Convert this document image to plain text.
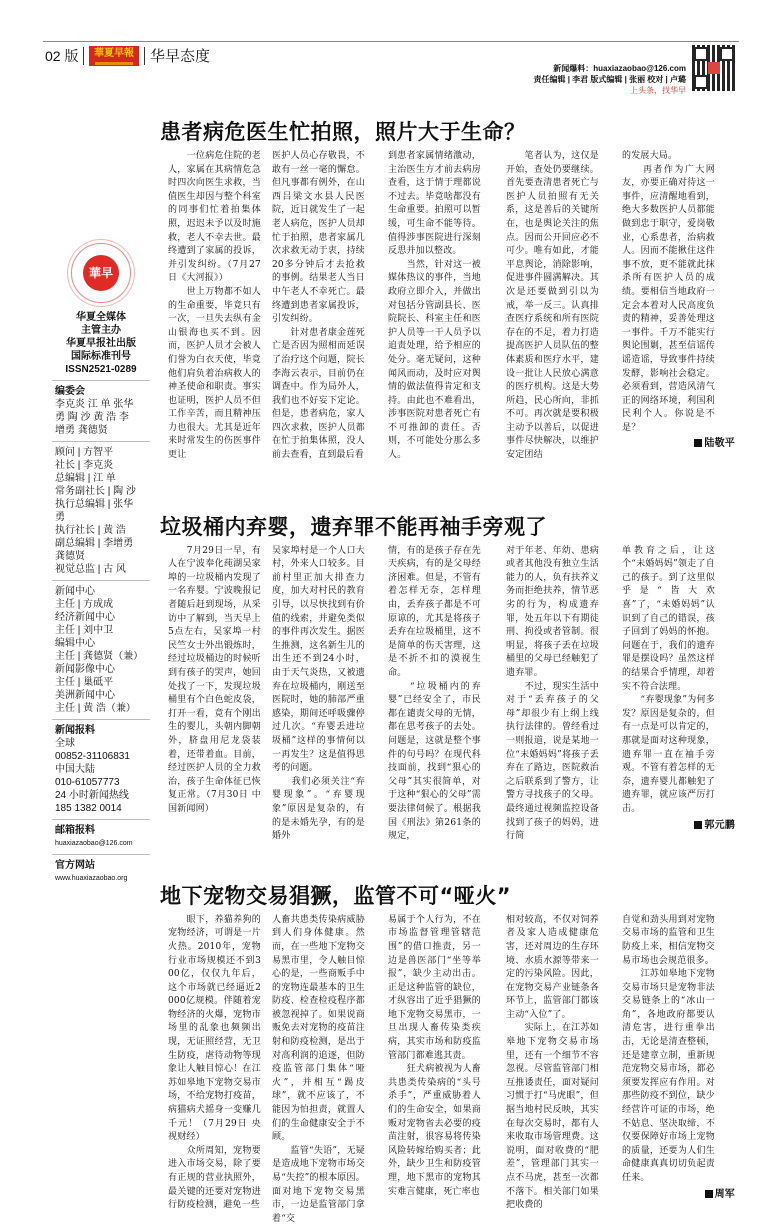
02 版	華夏早報	华早态度
新闻爆料：huaxiazaobao@126.com
责任编辑 | 李君 版式编辑 | 张丽 校对 | 卢璐
上头条，找华早
華早
华夏全媒体
主管主办
华夏早报社出版
国际标准刊号
ISSN2521-0289
编委会
李克炎 江 单 张华
勇 陶 沙 黄 浩 李
增勇 龚德贤
顾问 | 方智平
社长 | 李克炎
总编辑 | 江 单
常务副社长 | 陶 沙
执行总编辑 | 张华
勇
执行社长 | 黄 浩
副总编辑 | 李增勇
龚德贤
视觉总监 | 古 风
新闻中心
主任 | 方成成
经济新闻中心
主任 | 刘中卫
编辑中心
主任 | 龚德贤（兼）
新闻影像中心
主任 | 巢砥平
美洲新闻中心
主任 | 黄 浩（兼）
新闻报料
全球
00852-31106831
中国大陆
010-61057773
24 小时新闻热线
185 1382 0014
邮箱报料
huaxiazaobao@126.com
官方网站
www.huaxiazaobao.org
患者病危医生忙拍照，照片大于生命？

　　一位病危住院的老人，家属在其病情危急时四次向医生求救，当值医生却因与整个科室的同事们忙着拍集体照，迟迟未予以及时施救，老人不幸去世。最终遭到了家属的投诉，并引发纠纷。（7月27日《大河报》）

　　世上万物都不如人的生命重要，毕竟只有一次，一旦失去纵有金山银海也买不到。因而，医护人员才会被人们誉为白衣天使，毕竟他们肩负着治病救人的神圣使命和职责。事实也证明，医护人员不但工作辛苦，而且精神压力也很大。尤其是近年来时常发生的伤医事件更让

医护人员心存敬畏，不敢有一丝一毫的懈怠。但凡事都有例外，在山西吕梁文水县人民医院，近日就发生了一起老人病危，医护人员却忙于拍照，患者家属几次求救无动于衷，持续20多分钟后才去抢救的事例。结果老人当日中午老人不幸死亡。最终遭到患者家属投诉，引发纠纷。

　　针对患者康金莲死亡是否因为照相而延误了治疗这个问题，院长李海云表示，目前仍在调查中。作为局外人，我们也不好妄下定论。但是，患者病危，家人四次求救，医护人员都在忙于拍集体照，没人前去查看，直到最后看

到患者家属情绪激动，主治医生方才前去病房查看，这于情于理都说不过去。毕竟啥都没有生命重要。拍照可以暂缓，可生命不能等待。值得涉事医院进行深刻反思并加以整改。

　　当然，针对这一被媒体热议的事件，当地政府立即介入，并做出对包括分管副县长、医院院长、科室主任和医护人员等一干人员予以追责处理，给予相应的处分。毫无疑问，这种闻风而动，及时应对舆情的做法值得肯定和支持。由此也不难看出，涉事医院对患者死亡有不可推卸的责任。否则，不可能处分那么多人。

　　笔者认为，这仅是开始，查处仍要继续。首先要查清患者死亡与医护人员拍照有无关系，这是善后的关键所在，也是舆论关注的焦点。因而公开回应必不可少。唯有如此，才能平息舆论，消除影响，促进事件圆满解决。其次是还要做到引以为戒，举一反三。认真排查医疗系统和所有医院存在的不足，着力打造提高医护人员队伍的整体素质和医疗水平，建设一批让人民放心满意的医疗机构。这是大势所趋，民心所向，非抓不可。再次就是要积极主动予以善后，以促进事件尽快解决，以维护安定团结

的发展大局。

　　再者作为广大网友，亦要正确对待这一事件，应清醒地看到，绝大多数医护人员都能做到忠于职守，爱岗敬业，心系患者，治病救人。因而不能揪住这件事不放，更不能就此抹杀所有医护人员的成绩。要相信当地政府一定会本着对人民高度负责的精神，妥善处理这一事件。千万不能实行舆论围剿，甚至信谣传谣造谣，导致事件持续发酵，影响社会稳定。必须看到，营造风清气正的网络环境，利国利民利个人。你说是不是？

陆敬平
垃圾桶内弃婴，遗弃罪不能再袖手旁观了

　　7月29日一早，有人在宁波奉化莼湖吴家埠的一垃圾桶内发现了一名弃婴。宁波晚报记者随后赶到现场，从采访中了解到，当天早上5点左右，吴家埠一村民竺女士外出锻炼时，经过垃圾桶边的时候听到有孩子的哭声，她回处找了一下，发现垃圾桶里有个白色蛇皮袋，打开一看，竟有个刚出生的婴儿，头朝内脚朝外，脐盘用尼龙袋装着，还带着血。目前，经过医护人员的全力救治，孩子生命体征已恢复正常。（7月30日 中国新闻网）

吴家埠村是一个人口大村，外来人口较多。目前村里正加大排查力度，加大对村民的教育引导，以尽快找到有价值的线索，并避免类似的事件再次发生。据医生推测，这名新生儿的出生还不到24小时，由于天气炎热，又被遗弃在垃圾桶内，刚送至医院时，她的肺部严重感染，期间还呼吸骤停过几次。“弃婴丢进垃圾桶”这样的事情何以一再发生？这是值得思考的问题。

　　我们必须关注“弃婴现象”。“弃婴现象”原因是复杂的，有的是未婚先孕，有的是婚外

情，有的是孩子存在先天疾病，有的是父母经济困难。但是，不管有着怎样无奈，怎样理由，丢弃孩子都是不可原谅的，尤其是将孩子丢弃在垃圾桶里，这不是简单的伤天害理，这是不折不扣的漠视生命。

　　“垃圾桶内的弃婴”已经安全了，市民都在谴责父母的无情，都在思考孩子的去处。问题是，这就是整个事件的句号吗？在现代科技面前，找到“狠心的父母”其实很简单，对于这种“狠心的父母”需要法律伺候了。根据我国《刑法》第261条的规定，

对于年老、年幼、患病或者其他没有独立生活能力的人，负有扶养义务而拒绝扶养，情节恶劣的行为，构成遗弃罪，处五年以下有期徒刑、拘役或者管制。很明显，将孩子丢在垃圾桶里的父母已经触犯了遗弃罪。

　　不过，现实生活中对于“丢弃孩子的父母”却很少有上纲上线执行法律的。曾经看过一则报道，说是某地一位“未婚妈妈”将孩子丢弃在了路边，医院救治之后联系到了警方，让警方寻找孩子的父母。最终通过视频监控设备找到了孩子的妈妈，进行简

单教育之后，让这个“未婚妈妈”领走了自己的孩子。到了这里似乎是“皆大欢喜”了，“未婚妈妈”认识到了自己的错误，孩子回到了妈妈的怀抱。问题在于，我们的遗弃罪是摆设吗？虽然这样的结果合乎情理，却着实不符合法理。

　　“弃婴现象”为何多发？原因是复杂的，但有一点是可以肯定的，那就是面对这种现象，遗弃罪一直在袖手旁观。不管有着怎样的无奈，遗弃婴儿都触犯了遗弃罪，就应该严厉打击。

郭元鹏
地下宠物交易猖獗，监管不可“哑火”

　　眼下，养猫养狗的宠物经济，可谓是一片火热。2010年，宠物行业市场规模还不到300亿，仅仅九年后，这个市场就已经逼近2000亿规模。伴随着宠物经济的火爆，宠物市场里的乱象也频频出现，无证照经营，无卫生防疫，虐待动物等现象让人触目惊心！在江苏如皋地下宠物交易市场，不给宠物打疫苗，病猫病犬摇身一变赚几千元！（7月29日 央视财经）

　　众所周知，宠物要进入市场交易，除了要有正规的营业执照外，最关键的还要对宠物进行防疫检测，避免一些

人畜共患类传染病威胁到人们身体健康。然而，在一些地下宠物交易黑市里，令人触目惊心的是，一些商贩手中的宠物连最基本的卫生防疫、检查检疫程序都被忽视掉了。如果说商贩免去对宠物的疫苗注射和防疫检测，是出于对高利润的追逐，但防疫监管部门集体“哑火”，并相互“踢皮球”，就不应该了，不能因为怕担责，就置人们的生命健康安全于不顾。

　　监管“失语”，无疑是造成地下宠物市场交易“失控”的根本原因。面对地下宠物交易黑市，一边是监管部门拿着“交

易属于个人行为，不在市场监督管理管辖范围”的借口推责，另一边是兽医部门“坐等举报”，缺少主动出击。正是这种监管的缺位，才纵容出了近乎猖獗的地下宠物交易黑市，一旦出现人畜传染类疾病，其实市场和防疫监管部门都难逃其责。

　　狂犬病被视为人畜共患类传染病的“头号杀手”，严重威胁着人们的生命安全，如果商贩对宠物省去必要的疫苗注射，很容易将传染风险转嫁给购买者；此外，缺少卫生和防疫管理，地下黑市的宠物其实难言健康，死亡率也

相对较高，不仅对饲养者及家人造成健康危害，还对周边的生存环境、水质水源等带来一定的污染风险。因此，在宠物交易产业链条各环节上，监管部门都该主动“入位”了。

　　实际上，在江苏如皋地下宠物交易市场里，还有一个细节不容忽视。尽管监管部门相互推诿责任，面对疑问习惯于打“马虎眼”，但据当地村民反映，其实在每次交易时，都有人来收取市场管理费。这说明，面对收费的“肥差”，管理部门其实一点不马虎，甚至一次都不落下。相关部门如果把收费的

自觉和劲头用到对宠物交易市场的监管和卫生防疫上来，相信宠物交易市场也会规范很多。

　　江苏如皋地下宠物交易市场只是宠物非法交易链条上的“冰山一角”，各地政府都要认清危害，进行重拳出击，无论是清查整顿，还是建章立制，重新规范宠物交易市场，都必须要发挥应有作用。对那些防疫不到位，缺少经营许可证的市场，绝不姑息、坚决取缔，不仅要保障好市场上宠物的质量，还要为人们生命健康真真切切负起责任来。

周军
